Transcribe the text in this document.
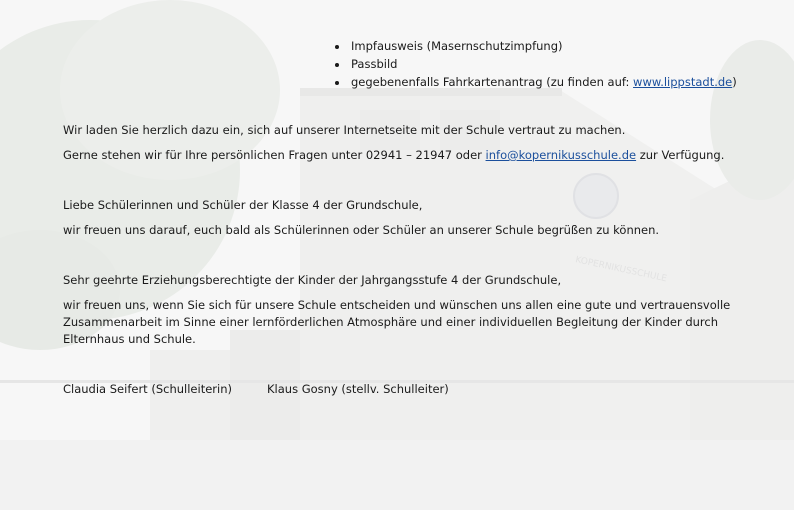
KOPERNIKUSSCHULE
Impfausweis (Masernschutzimpfung)
Passbild
gegebenenfalls Fahrkartenantrag (zu finden auf: www.lippstadt.de)

Wir laden Sie herzlich dazu ein, sich auf unserer Internetseite mit der Schule vertraut zu machen.

Gerne stehen wir für Ihre persönlichen Fragen unter 02941 – 21947 oder info@kopernikusschule.de zur Verfügung.

Liebe Schülerinnen und Schüler der Klasse 4 der Grundschule,

wir freuen uns darauf, euch bald als Schülerinnen oder Schüler an unserer Schule begrüßen zu können.

Sehr geehrte Erziehungsberechtigte der Kinder der Jahrgangsstufe 4 der Grundschule,

wir freuen uns, wenn Sie sich für unsere Schule entscheiden und wünschen uns allen eine gute und vertrauensvolle Zusammenarbeit im Sinne einer lernförderlichen Atmosphäre und einer individuellen Begleitung der Kinder durch Elternhaus und Schule.

Claudia Seifert (Schulleiterin)	Klaus Gosny (stellv. Schulleiter)
